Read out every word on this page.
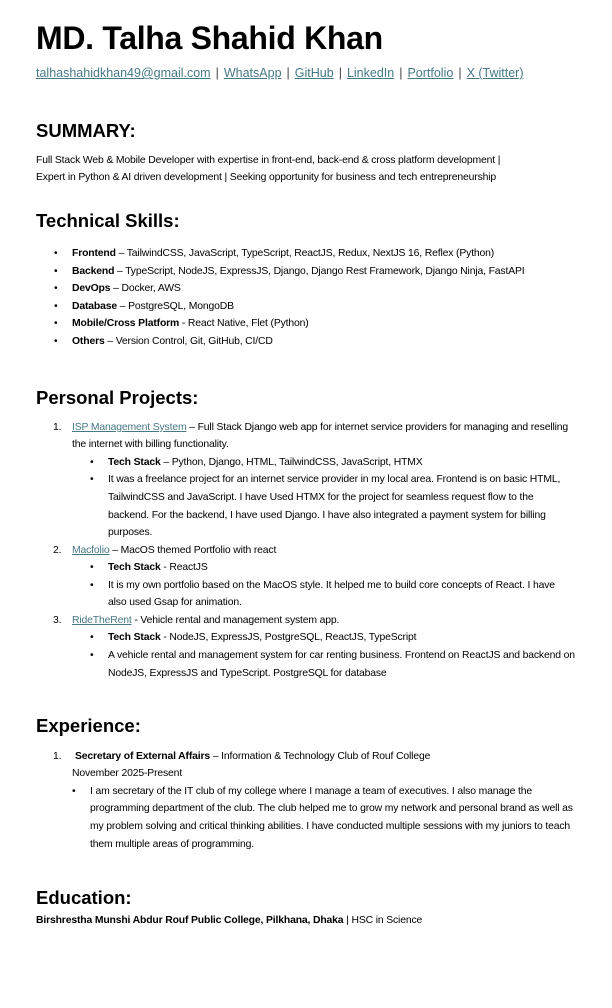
MD. Talha Shahid Khan
talhashahidkhan49@gmail.com | WhatsApp | GitHub | LinkedIn | Portfolio | X (Twitter)
SUMMARY:
Full Stack Web & Mobile Developer with expertise in front-end, back-end & cross platform development |
Expert in Python & AI driven development | Seeking opportunity for business and tech entrepreneurship
Technical Skills:
• Frontend – TailwindCSS, JavaScript, TypeScript, ReactJS, Redux, NextJS 16, Reflex (Python)
• Backend – TypeScript, NodeJS, ExpressJS, Django, Django Rest Framework, Django Ninja, FastAPI
• DevOps – Docker, AWS
• Database – PostgreSQL, MongoDB
• Mobile/Cross Platform - React Native, Flet (Python)
• Others – Version Control, Git, GitHub, CI/CD
Personal Projects:
1. ISP Management System – Full Stack Django web app for internet service providers for managing and reselling the internet with billing functionality.
• Tech Stack – Python, Django, HTML, TailwindCSS, JavaScript, HTMX
• It was a freelance project for an internet service provider in my local area. Frontend is on basic HTML, TailwindCSS and JavaScript. I have Used HTMX for the project for seamless request flow to the backend. For the backend, I have used Django. I have also integrated a payment system for billing purposes.
2. Macfolio – MacOS themed Portfolio with react
• Tech Stack - ReactJS
• It is my own portfolio based on the MacOS style. It helped me to build core concepts of React. I have also used Gsap for animation.
3. RideTheRent - Vehicle rental and management system app.
• Tech Stack - NodeJS, ExpressJS, PostgreSQL, ReactJS, TypeScript
• A vehicle rental and management system for car renting business. Frontend on ReactJS and backend on NodeJS, ExpressJS and TypeScript. PostgreSQL for database
Experience:
1. Secretary of External Affairs – Information & Technology Club of Rouf College
November 2025-Present
• I am secretary of the IT club of my college where I manage a team of executives. I also manage the programming department of the club. The club helped me to grow my network and personal brand as well as my problem solving and critical thinking abilities. I have conducted multiple sessions with my juniors to teach them multiple areas of programming.
Education:
Birshrestha Munshi Abdur Rouf Public College, Pilkhana, Dhaka | HSC in Science
